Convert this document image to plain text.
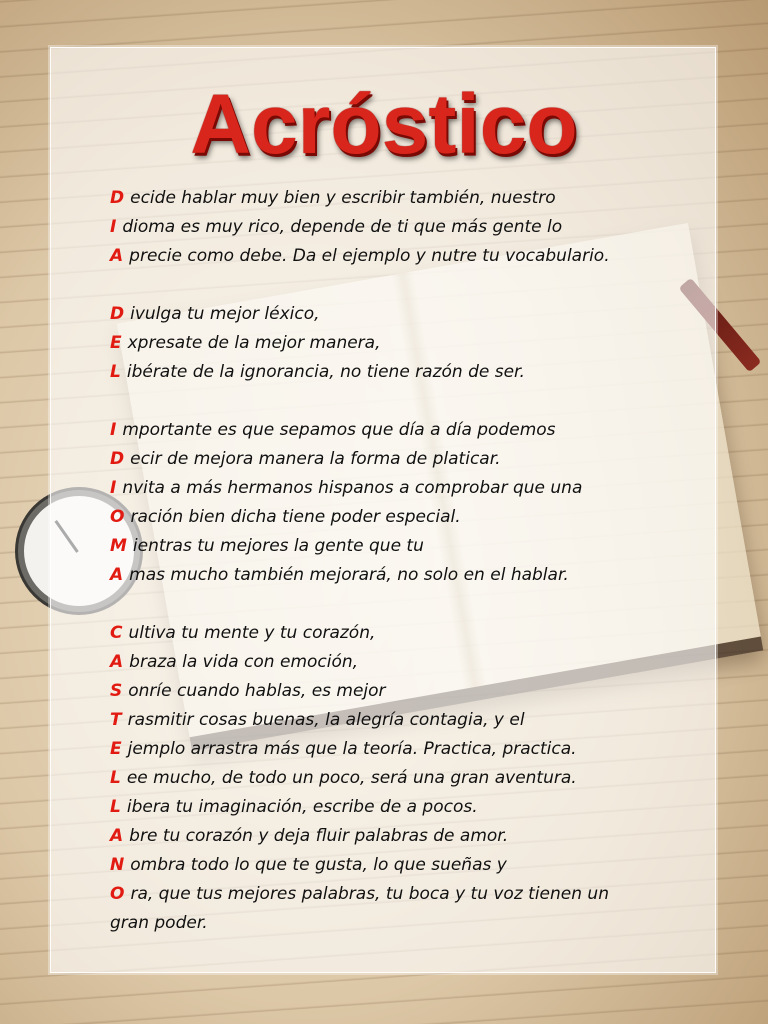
Acróstico
D ecide hablar muy bien y escribir también, nuestro
I dioma es muy rico, depende de ti que más gente lo
A precie como debe. Da el ejemplo y nutre tu vocabulario.
D ivulga tu mejor léxico,
E xpresate de la mejor manera,
L ibérate de la ignorancia, no tiene razón de ser.
I mportante es que sepamos que día a día podemos
D ecir de mejora manera la forma de platicar.
I nvita a más hermanos hispanos a comprobar que una
O ración bien dicha tiene poder especial.
M ientras tu mejores la gente que tu
A mas mucho también mejorará, no solo en el hablar.
C ultiva tu mente y tu corazón,
A braza la vida con emoción,
S onríe cuando hablas, es mejor
T rasmitir cosas buenas, la alegría contagia, y el
E jemplo arrastra más que la teoría. Practica, practica.
L ee mucho, de todo un poco, será una gran aventura.
L ibera tu imaginación, escribe de a pocos.
A bre tu corazón y deja fluir palabras de amor.
N ombra todo lo que te gusta, lo que sueñas y
O ra, que tus mejores palabras, tu boca y tu voz tienen un
gran poder.
